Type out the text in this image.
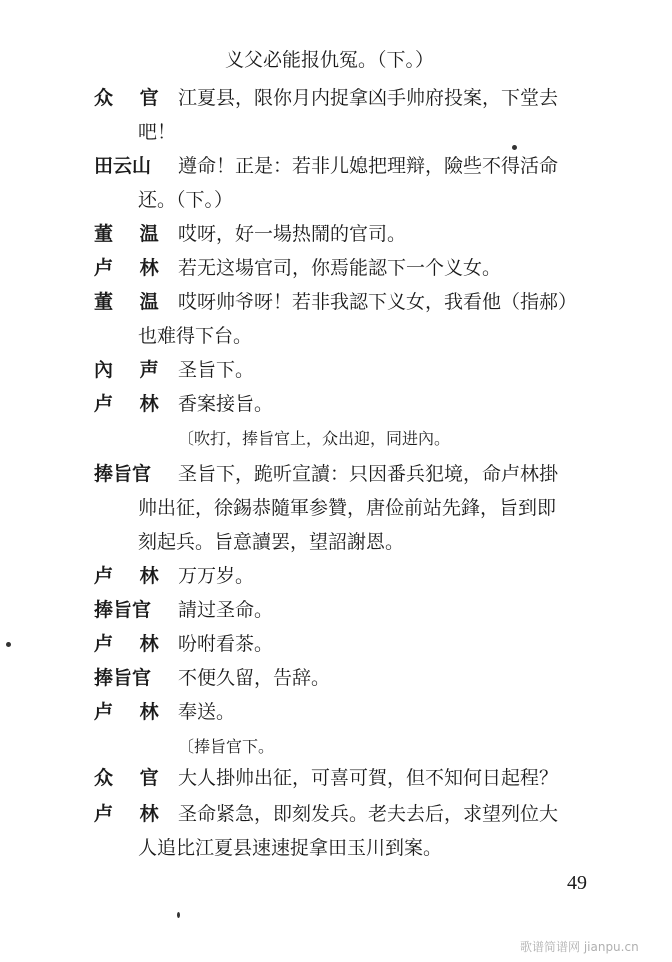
义父必能报仇冤。（下。）
众 官 江夏县，限你月内捉拿凶手帅府投案，下堂去
吧！
田云山 遵命！正是：若非儿媳把理辩，險些不得活命
还。（下。）
董 温 哎呀，好一場热鬧的官司。
卢 林 若无这場官司，你焉能認下一个义女。
董 温 哎呀帅爷呀！若非我認下义女，我看他（指郝）
也难得下台。
內 声 圣旨下。
卢 林 香案接旨。
〔吹打，捧旨官上，众出迎，同进內。
捧旨官 圣旨下，跪听宣讀：只因番兵犯境，命卢林掛
帅出征，徐錫恭隨軍参贊，唐俭前站先鋒，旨到即
刻起兵。旨意讀罢，望詔謝恩。
卢 林 万万岁。
捧旨官 請过圣命。
卢 林 吩咐看茶。
捧旨官 不便久留，告辞。
卢 林 奉送。
〔捧旨官下。
众 官 大人掛帅出征，可喜可賀，但不知何日起程？
卢 林 圣命紧急，即刻发兵。老夫去后，求望列位大
人追比江夏县速速捉拿田玉川到案。
49
歌谱简谱网 jianpu.cn
